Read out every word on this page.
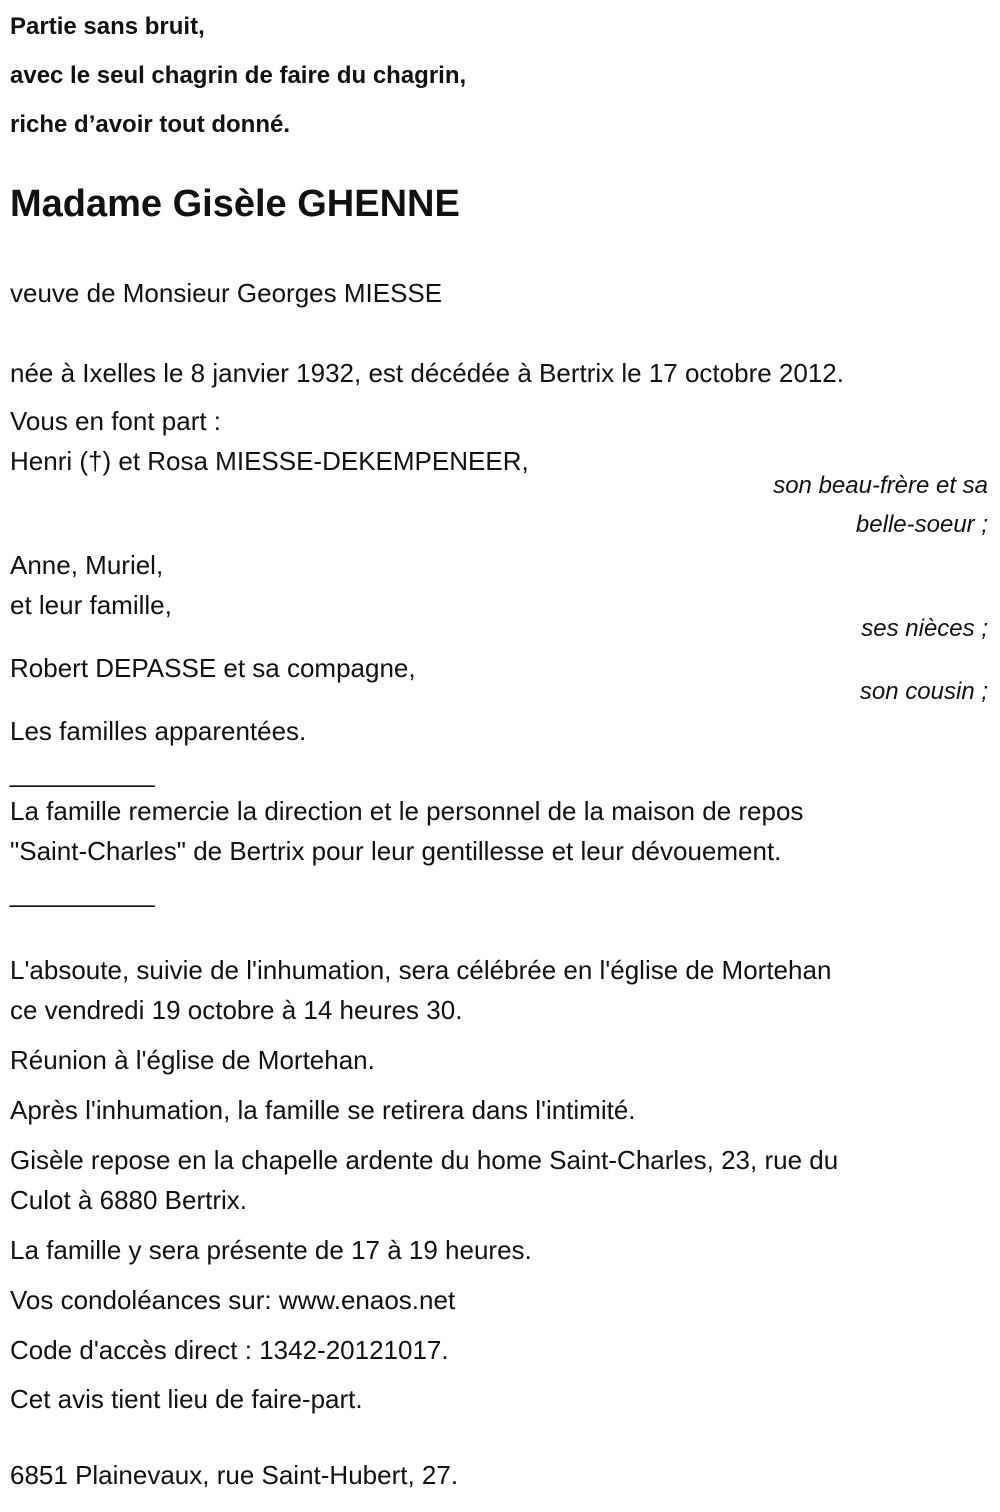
Partie sans bruit,
avec le seul chagrin de faire du chagrin,
riche d’avoir tout donné.
Madame Gisèle GHENNE
veuve de Monsieur Georges MIESSE
née à Ixelles le 8 janvier 1932, est décédée à Bertrix le 17 octobre 2012.
Vous en font part :
Henri (†) et Rosa MIESSE-DEKEMPENEER,
son beau-frère et sa
belle-soeur ;
Anne, Muriel,
et leur famille,
ses nièces ;
Robert DEPASSE et sa compagne,
son cousin ;
Les familles apparentées.
__________
La famille remercie la direction et le personnel de la maison de repos
"Saint-Charles" de Bertrix pour leur gentillesse et leur dévouement.
__________
L'absoute, suivie de l'inhumation, sera célébrée en l'église de Mortehan
ce vendredi 19 octobre à 14 heures 30.
Réunion à l'église de Mortehan.
Après l'inhumation, la famille se retirera dans l'intimité.
Gisèle repose en la chapelle ardente du home Saint-Charles, 23, rue du
Culot à 6880 Bertrix.
La famille y sera présente de 17 à 19 heures.
Vos condoléances sur: www.enaos.net
Code d'accès direct : 1342-20121017.
Cet avis tient lieu de faire-part.
6851 Plainevaux, rue Saint-Hubert, 27.
